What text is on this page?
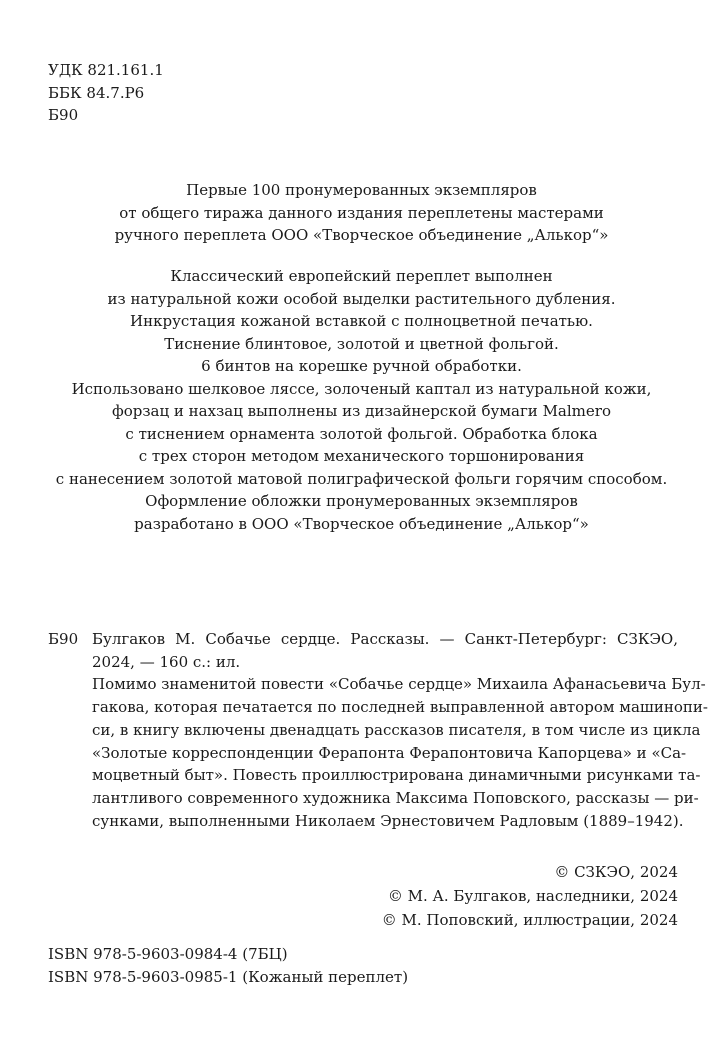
УДК 821.161.1
ББК 84.7.Р6
Б90
Первые 100 пронумерованных экземпляров
от общего тиража данного издания переплетены мастерами
ручного переплета ООО «Творческое объединение „Алькор“»
Классический европейский переплет выполнен
из натуральной кожи особой выделки растительного дубления.
Инкрустация кожаной вставкой с полноцветной печатью.
Тиснение блинтовое, золотой и цветной фольгой.
6 бинтов на корешке ручной обработки.
Использовано шелковое ляссе, золоченый каптал из натуральной кожи,
форзац и нахзац выполнены из дизайнерской бумаги Malmero
с тиснением орнамента золотой фольгой. Обработка блока
с трех сторон методом механического торшонирования
с нанесением золотой матовой полиграфической фольги горячим способом.
Оформление обложки пронумерованных экземпляров
разработано в ООО «Творческое объединение „Алькор“»
Б90 Булгаков М. Собачье сердце. Рассказы. — Санкт-Петербург: СЗКЭО,
2024, — 160 с.: ил.
Помимо знаменитой повести «Собачье сердце» Михаила Афанасьевича Бул-
гакова, которая печатается по последней выправленной автором машинопи-
си, в книгу включены двенадцать рассказов писателя, в том числе из цикла
«Золотые корреспонденции Ферапонта Ферапонтовича Капорцева» и «Са-
моцветный быт». Повесть проиллюстрирована динамичными рисунками та-
лантливого современного художника Максима Поповского, рассказы — ри-
сунками, выполненными Николаем Эрнестовичем Радловым (1889–1942).
© СЗКЭО, 2024
© М. А. Булгаков, наследники, 2024
© М. Поповский, иллюстрации, 2024
ISBN 978-5-9603-0984-4 (7БЦ)
ISBN 978-5-9603-0985-1 (Кожаный переплет)
